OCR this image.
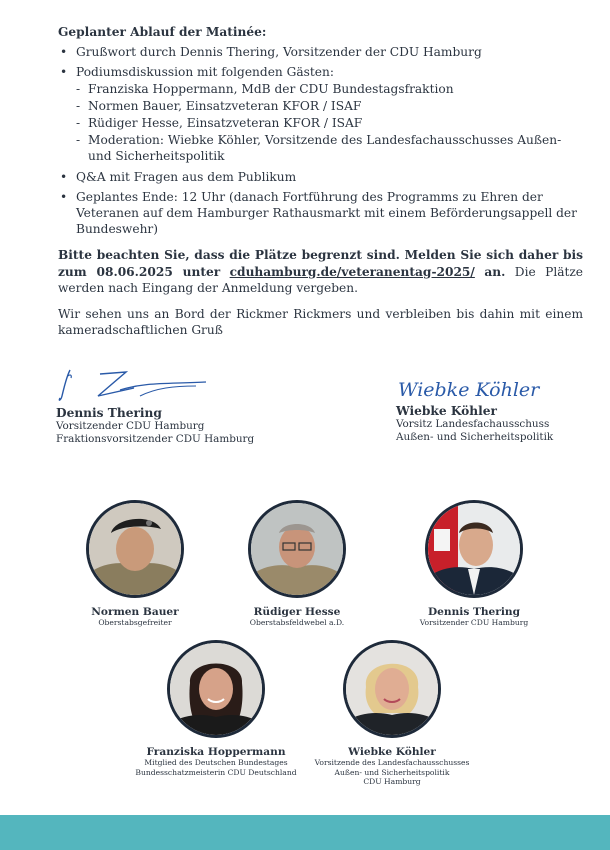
Geplanter Ablauf der Matinée:
• Grußwort durch Dennis Thering, Vorsitzender der CDU Hamburg
• Podiumsdiskussion mit folgenden Gästen:
- Franziska Hoppermann, MdB der CDU Bundestagsfraktion
- Normen Bauer, Einsatzveteran KFOR / ISAF
- Rüdiger Hesse, Einsatzveteran KFOR / ISAF
- Moderation: Wiebke Köhler, Vorsitzende des Landesfachausschusses Außen- und Sicherheitspolitik
• Q&A mit Fragen aus dem Publikum
• Geplantes Ende: 12 Uhr (danach Fortführung des Programms zu Ehren der Veteranen auf dem Hamburger Rathausmarkt mit einem Beförderungsappell der Bundeswehr)

Bitte beachten Sie, dass die Plätze begrenzt sind. Melden Sie sich daher bis zum 08.06.2025 unter cduhamburg.de/veteranentag-2025/ an. Die Plätze werden nach Eingang der Anmeldung vergeben.

Wir sehen uns an Bord der Rickmer Rickmers und verbleiben bis dahin mit einem kameradschaftlichen Gruß

Dennis Thering
Vorsitzender CDU Hamburg
Fraktionsvorsitzender CDU Hamburg
Wiebke Köhler
Wiebke Köhler
Vorsitz Landesfachausschuss
Außen- und Sicherheitspolitik
Normen Bauer
Oberstabsgefreiter
Rüdiger Hesse
Oberstabsfeldwebel a.D.
Dennis Thering
Vorsitzender CDU Hamburg
Franziska Hoppermann
Mitglied des Deutschen Bundestages
Bundesschatzmeisterin CDU Deutschland
Wiebke Köhler
Vorsitzende des Landesfachausschusses
Außen- und Sicherheitspolitik
CDU Hamburg
